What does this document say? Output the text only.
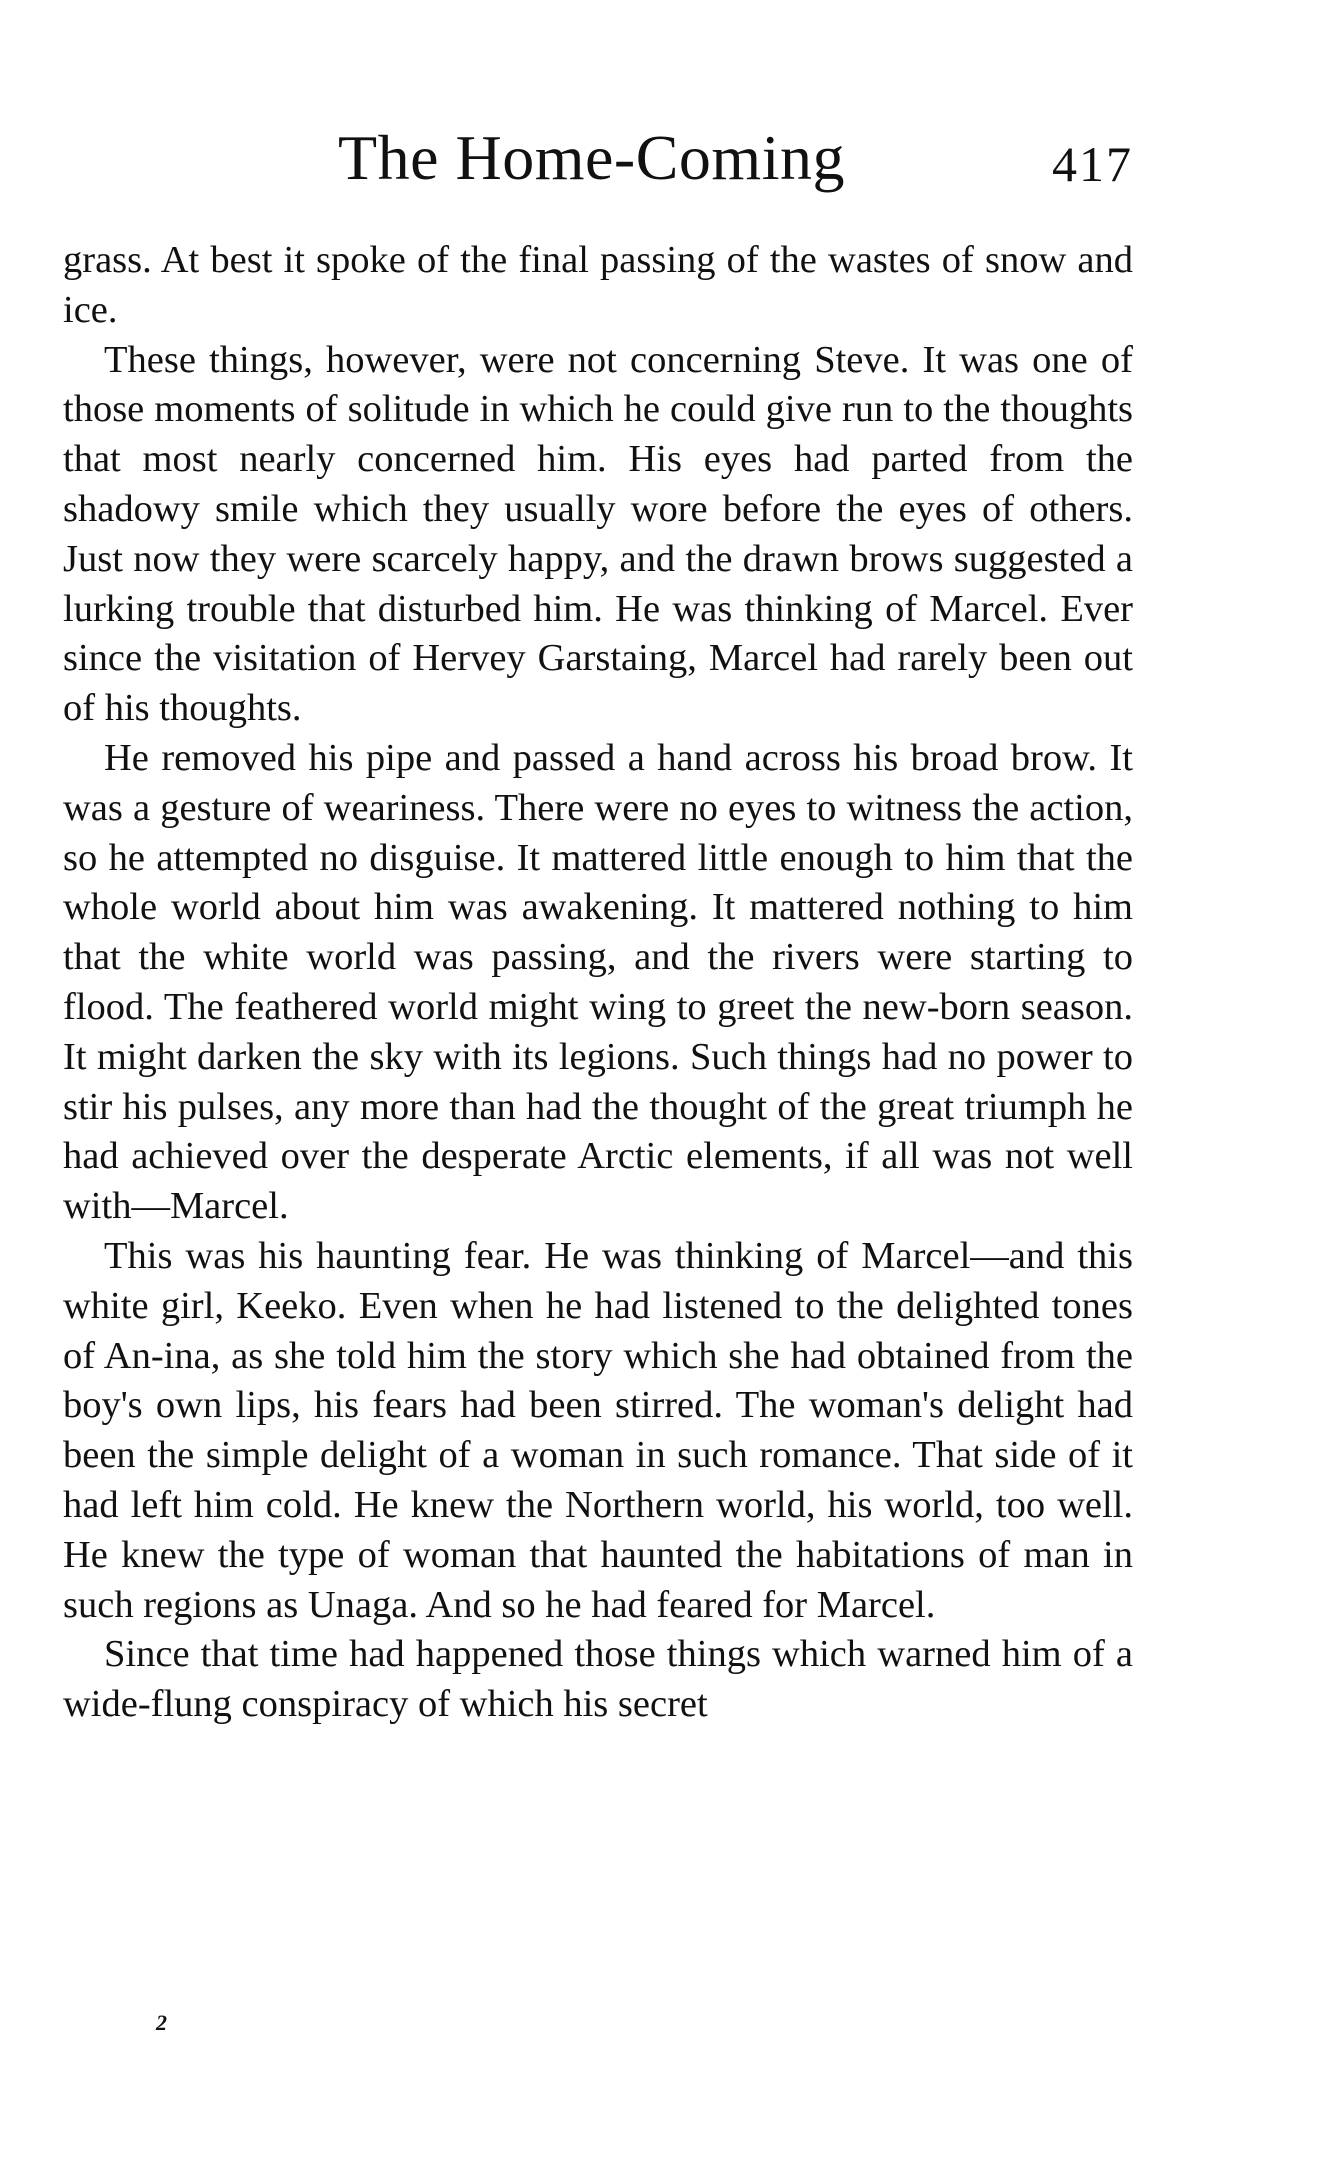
The Home-Coming	417

grass. At best it spoke of the final passing of the wastes of snow and ice.

These things, however, were not concerning Steve. It was one of those moments of solitude in which he could give run to the thoughts that most nearly concerned him. His eyes had parted from the shadowy smile which they usually wore before the eyes of others. Just now they were scarcely happy, and the drawn brows suggested a lurking trouble that disturbed him. He was thinking of Marcel. Ever since the visitation of Hervey Garstaing, Marcel had rarely been out of his thoughts.

He removed his pipe and passed a hand across his broad brow. It was a gesture of weariness. There were no eyes to witness the action, so he attempted no disguise. It mattered little enough to him that the whole world about him was awakening. It mattered nothing to him that the white world was passing, and the rivers were starting to flood. The feathered world might wing to greet the new-born season. It might darken the sky with its legions. Such things had no power to stir his pulses, any more than had the thought of the great triumph he had achieved over the desperate Arctic elements, if all was not well with—Marcel.

This was his haunting fear. He was thinking of Marcel—and this white girl, Keeko. Even when he had listened to the delighted tones of An-ina, as she told him the story which she had obtained from the boy's own lips, his fears had been stirred. The woman's delight had been the simple delight of a woman in such romance. That side of it had left him cold. He knew the Northern world, his world, too well. He knew the type of woman that haunted the habitations of man in such regions as Unaga. And so he had feared for Marcel.

Since that time had happened those things which warned him of a wide-flung conspiracy of which his secret

2
